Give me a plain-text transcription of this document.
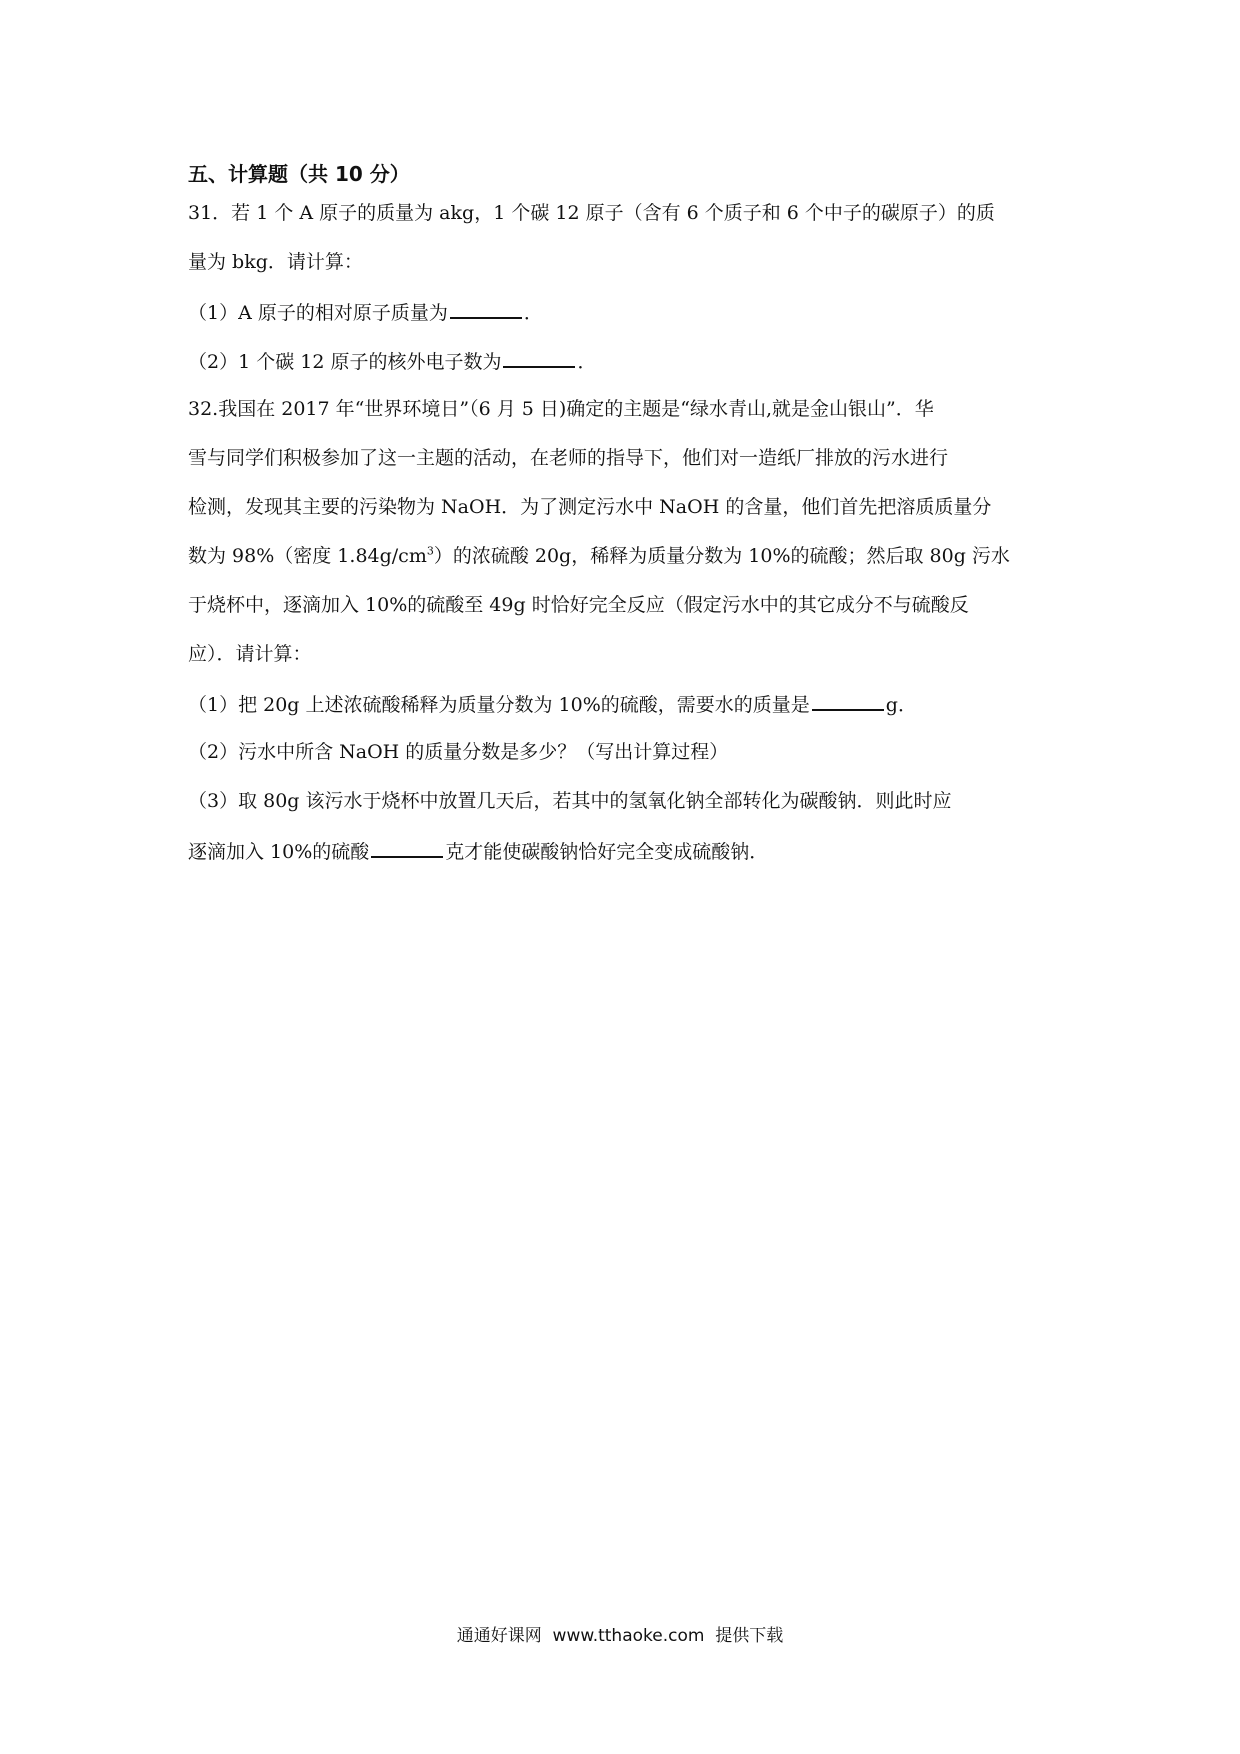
五、计算题（共 10 分）
31．若 1 个 A 原子的质量为 akg，1 个碳 12 原子（含有 6 个质子和 6 个中子的碳原子）的质
量为 bkg．请计算：
（1）A 原子的相对原子质量为	．
（2）1 个碳 12 原子的核外电子数为	．
32.我国在 2017 年“世界环境日”（6 月 5 日)确定的主题是“绿水青山,就是金山银山”．华
雪与同学们积极参加了这一主题的活动，在老师的指导下，他们对一造纸厂排放的污水进行
检测，发现其主要的污染物为 NaOH．为了测定污水中 NaOH 的含量，他们首先把溶质质量分
数为 98%（密度 $1.84g/cm^3$）的浓硫酸 20g，稀释为质量分数为 10%的硫酸；然后取 80g 污水
于烧杯中，逐滴加入 10%的硫酸至 49g 时恰好完全反应（假定污水中的其它成分不与硫酸反
应）．请计算：
（1）把 20g 上述浓硫酸稀释为质量分数为 10%的硫酸，需要水的质量是	g．
（2）污水中所含 NaOH 的质量分数是多少？（写出计算过程）
（3）取 80g 该污水于烧杯中放置几天后，若其中的氢氧化钠全部转化为碳酸钠．则此时应
逐滴加入 10%的硫酸	克才能使碳酸钠恰好完全变成硫酸钠．
通通好课网  www.tthaoke.com  提供下载
